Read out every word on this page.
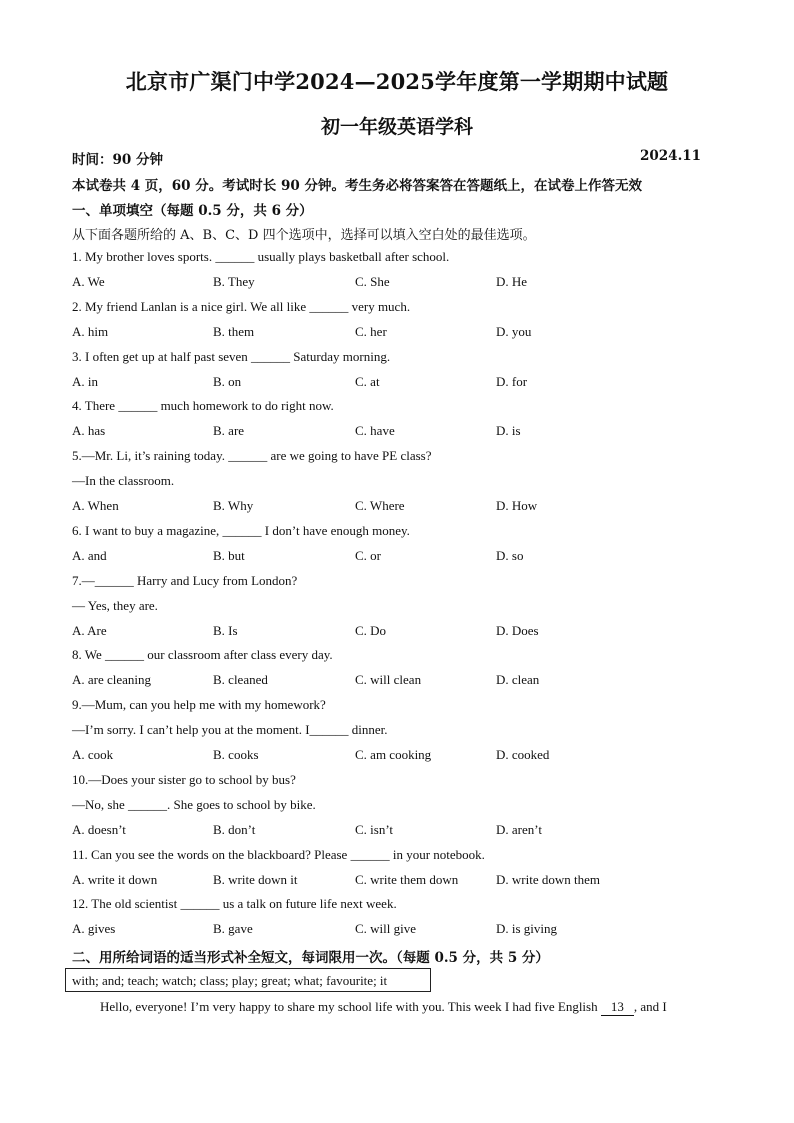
北京市广渠门中学2024—2025学年度第一学期期中试题
初一年级英语学科
时间：90 分钟	2024.11
本试卷共 4 页，60 分。考试时长 90 分钟。考生务必将答案答在答题纸上，在试卷上作答无效
一、单项填空（每题 0.5 分，共 6 分）
从下面各题所给的 A、B、C、D 四个选项中，选择可以填入空白处的最佳选项。
1. My brother loves sports. ______ usually plays basketball after school.
A. We	B. They	C. She	D. He
2. My friend Lanlan is a nice girl. We all like ______ very much.
A. him	B. them	C. her	D. you
3. I often get up at half past seven ______ Saturday morning.
A. in	B. on	C. at	D. for
4. There ______ much homework to do right now.
A. has	B. are	C. have	D. is
5.—Mr. Li, it’s raining today. ______ are we going to have PE class?
—In the classroom.
A. When	B. Why	C. Where	D. How
6. I want to buy a magazine, ______ I don’t have enough money.
A. and	B. but	C. or	D. so
7.—______ Harry and Lucy from London?
— Yes, they are.
A. Are	B. Is	C. Do	D. Does
8. We ______ our classroom after class every day.
A. are cleaning	B. cleaned	C. will clean	D. clean
9.—Mum, can you help me with my homework?
—I’m sorry. I can’t help you at the moment. I______ dinner.
A. cook	B. cooks	C. am cooking	D. cooked
10.—Does your sister go to school by bus?
—No, she ______. She goes to school by bike.
A. doesn’t	B. don’t	C. isn’t	D. aren’t
11. Can you see the words on the blackboard? Please ______ in your notebook.
A. write it down	B. write down it	C. write them down	D. write down them
12. The old scientist ______ us a talk on future life next week.
A. gives	B. gave	C. will give	D. is giving
二、用所给词语的适当形式补全短文，每词限用一次。（每题 0.5 分，共 5 分）
with; and; teach; watch; class; play; great; what; favourite; it
Hello, everyone! I’m very happy to share my school life with you. This week I had five English 13 , and I
